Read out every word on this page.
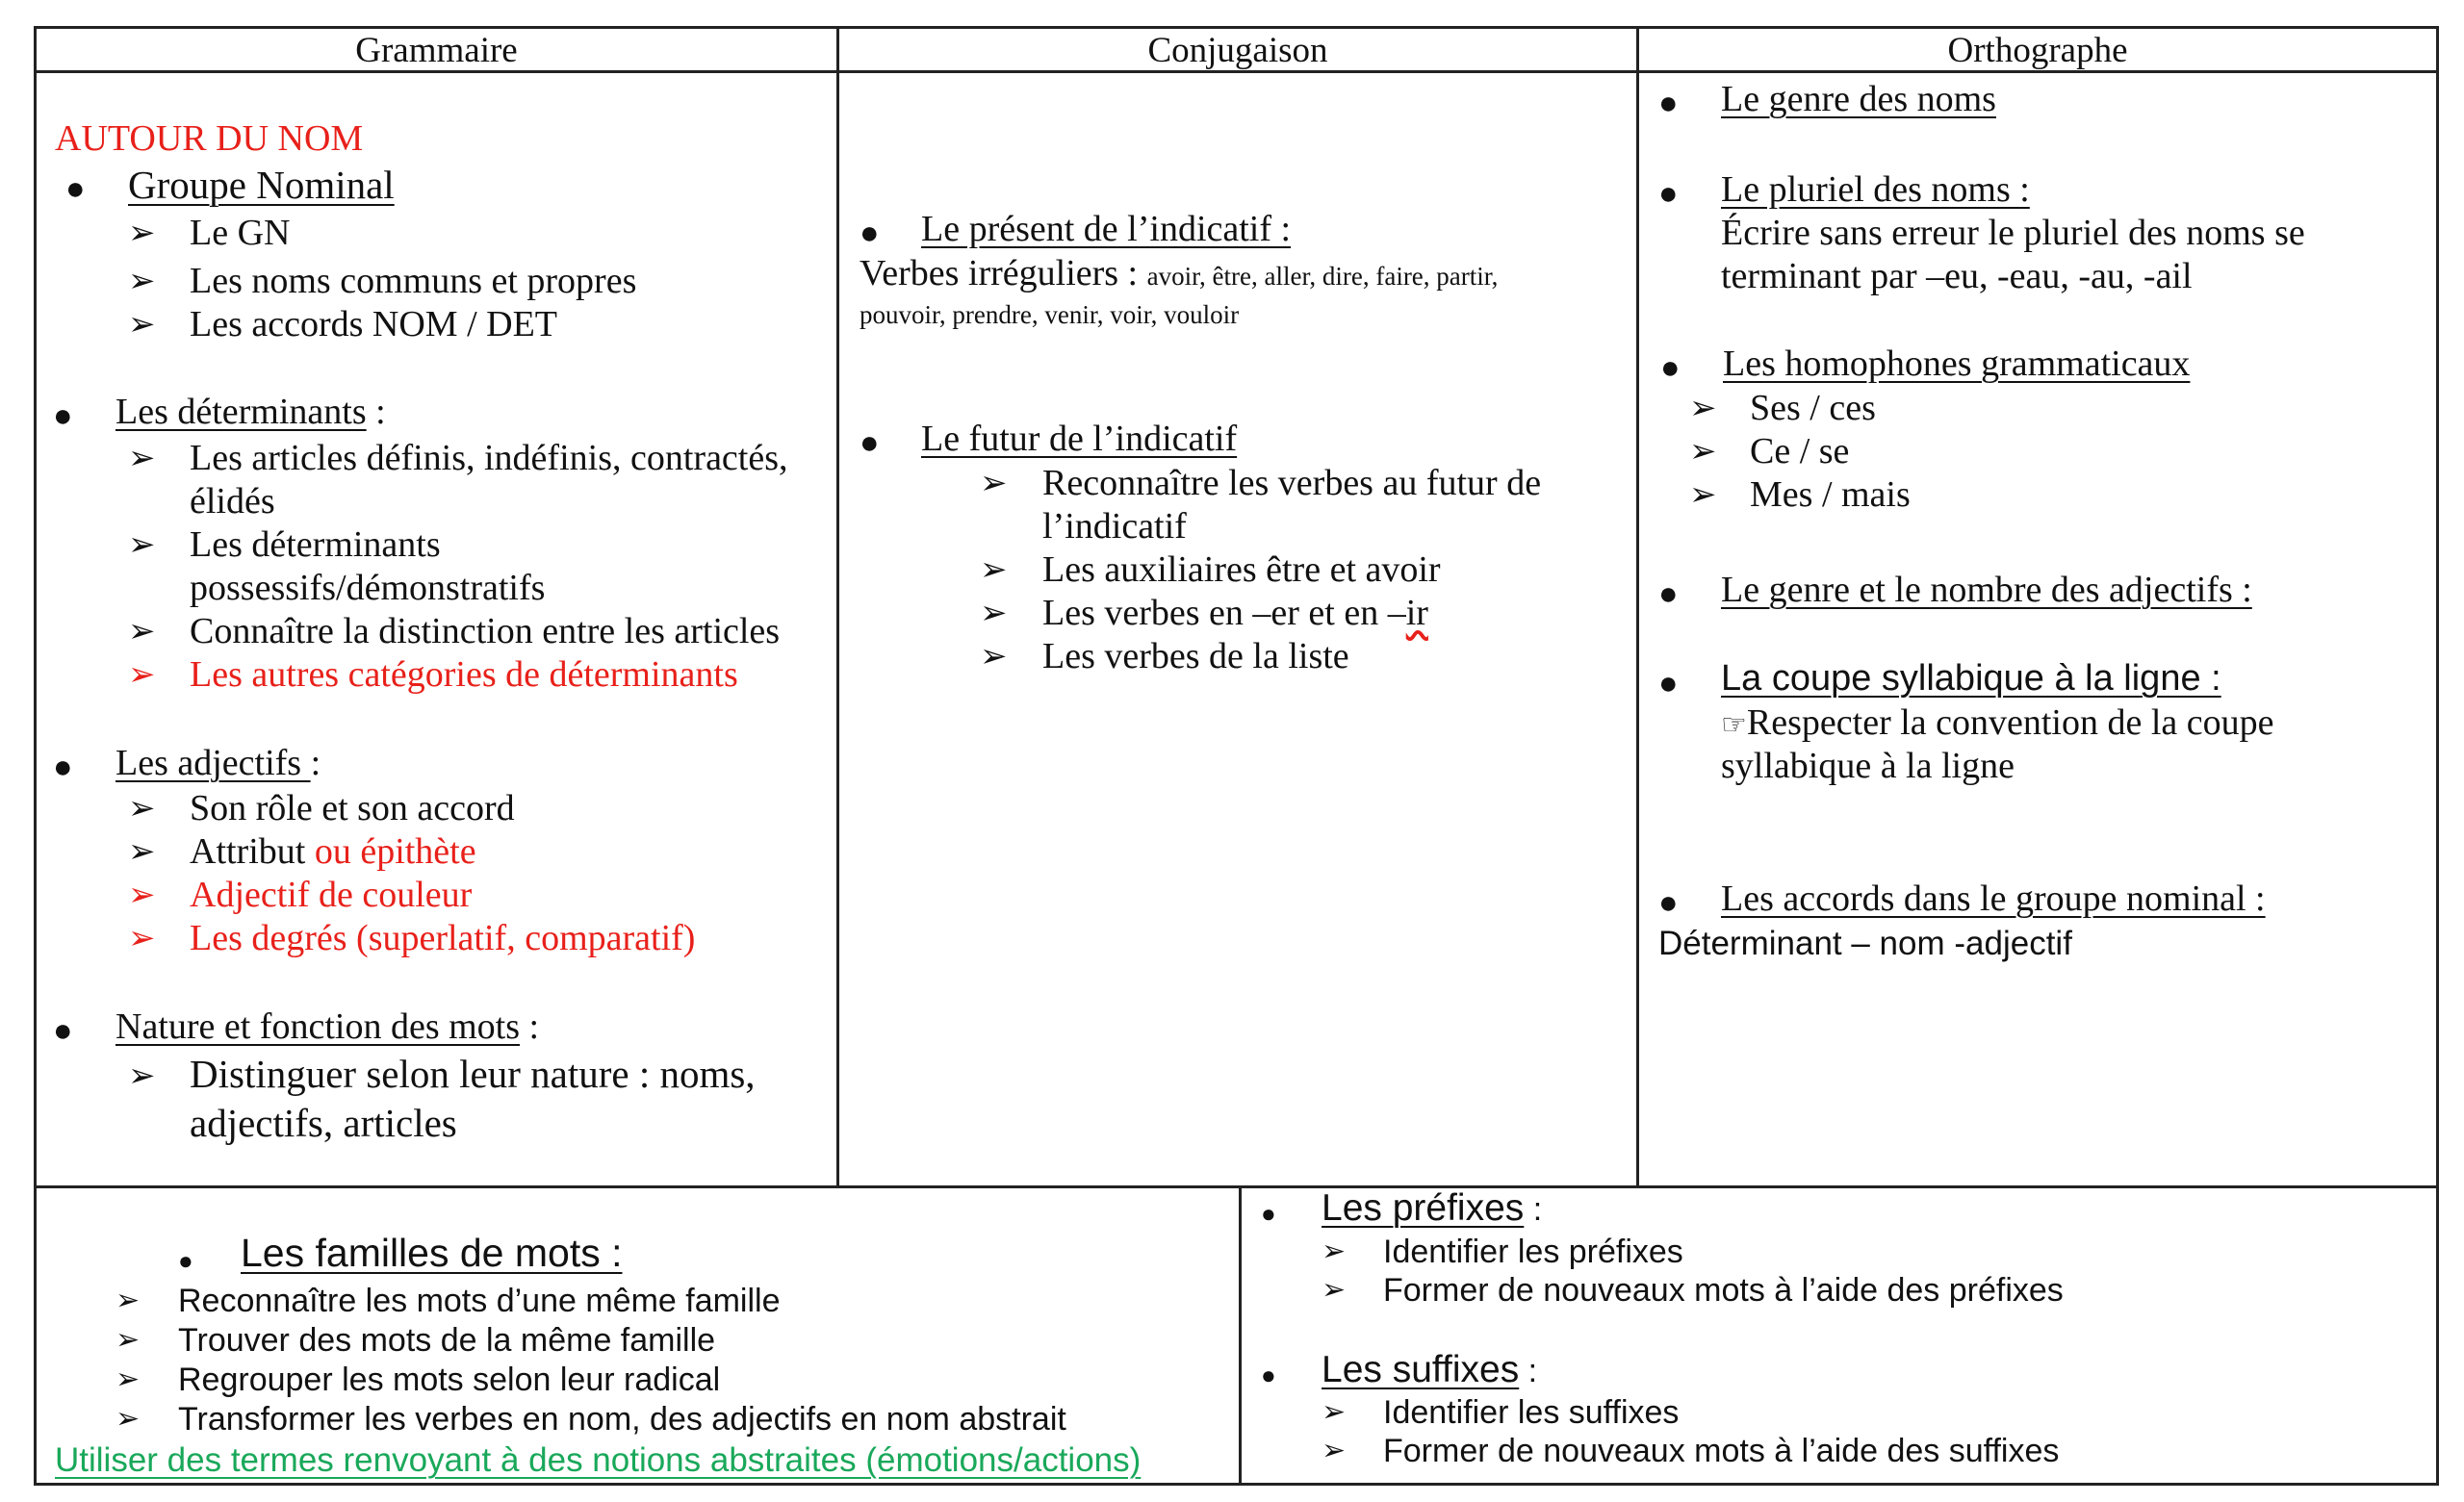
Grammaire	Conjugaison	Orthographe
AUTOUR DU NOM
● Groupe Nominal
➢ Le GN
➢ Les noms communs et propres
➢ Les accords NOM / DET
● Les déterminants :
➢ Les articles définis, indéfinis, contractés,
élidés
➢ Les déterminants
possessifs/démonstratifs
➢ Connaître la distinction entre les articles
➢ Les autres catégories de déterminants
● Les adjectifs :
➢ Son rôle et son accord
➢ Attribut ou épithète
➢ Adjectif de couleur
➢ Les degrés (superlatif, comparatif)
● Nature et fonction des mots :
➢ Distinguer selon leur nature : noms,
adjectifs, articles
● Le présent de l’indicatif :
Verbes irréguliers : avoir, être, aller, dire, faire, partir,
pouvoir, prendre, venir, voir, vouloir
● Le futur de l’indicatif
➢ Reconnaître les verbes au futur de
l’indicatif
➢ Les auxiliaires être et avoir
➢ Les verbes en –er et en –ir
➢ Les verbes de la liste
● Le genre des noms
● Le pluriel des noms :
Écrire sans erreur le pluriel des noms se
terminant par –eu, -eau, -au, -ail
● Les homophones grammaticaux
➢ Ses / ces
➢ Ce / se
➢ Mes / mais
● Le genre et le nombre des adjectifs :
● La coupe syllabique à la ligne :
☞Respecter la convention de la coupe
syllabique à la ligne
● Les accords dans le groupe nominal :
Déterminant – nom -adjectif
● Les familles de mots :
➢ Reconnaître les mots d’une même famille
➢ Trouver des mots de la même famille
➢ Regrouper les mots selon leur radical
➢ Transformer les verbes en nom, des adjectifs en nom abstrait
Utiliser des termes renvoyant à des notions abstraites (émotions/actions)
● Les préfixes :
➢ Identifier les préfixes
➢ Former de nouveaux mots à l’aide des préfixes
● Les suffixes :
➢ Identifier les suffixes
➢ Former de nouveaux mots à l’aide des suffixes
